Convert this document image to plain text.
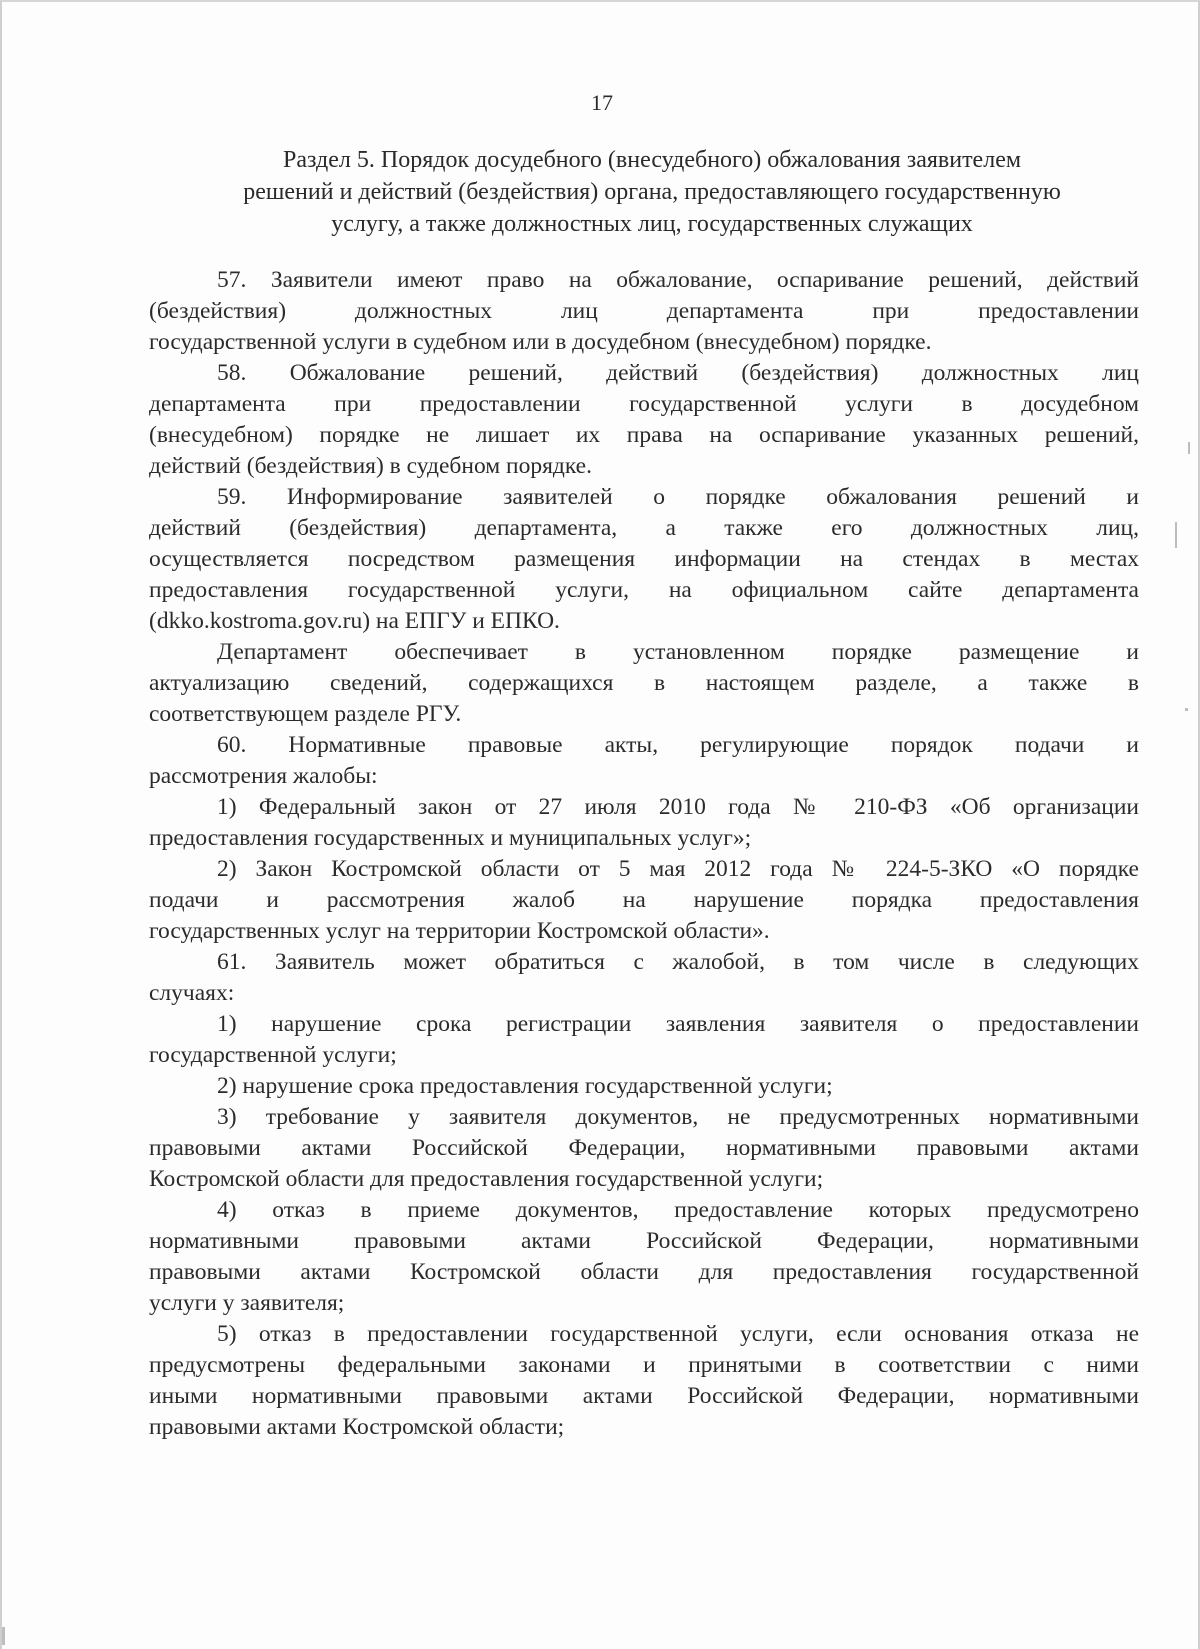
17
Раздел 5. Порядок досудебного (внесудебного) обжалования заявителем
решений и действий (бездействия) органа, предоставляющего государственную
услугу, а также должностных лиц, государственных служащих
57. Заявители имеют право на обжалование, оспаривание решений, действий
(бездействия) должностных лиц департамента при предоставлении
государственной услуги в судебном или в досудебном (внесудебном) порядке.
58. Обжалование решений, действий (бездействия) должностных лиц
департамента при предоставлении государственной услуги в досудебном
(внесудебном) порядке не лишает их права на оспаривание указанных решений,
действий (бездействия) в судебном порядке.
59. Информирование заявителей о порядке обжалования решений и
действий (бездействия) департамента, а также его должностных лиц,
осуществляется посредством размещения информации на стендах в местах
предоставления государственной услуги, на официальном сайте департамента
(dkko.kostroma.gov.ru) на ЕПГУ и ЕПКО.
Департамент обеспечивает в установленном порядке размещение и
актуализацию сведений, содержащихся в настоящем разделе, а также в
соответствующем разделе РГУ.
60. Нормативные правовые акты, регулирующие порядок подачи и
рассмотрения жалобы:
1) Федеральный закон от 27 июля 2010 года № 210-ФЗ «Об организации
предоставления государственных и муниципальных услуг»;
2) Закон Костромской области от 5 мая 2012 года № 224-5-ЗКО «О порядке
подачи и рассмотрения жалоб на нарушение порядка предоставления
государственных услуг на территории Костромской области».
61. Заявитель может обратиться с жалобой, в том числе в следующих
случаях:
1) нарушение срока регистрации заявления заявителя о предоставлении
государственной услуги;
2) нарушение срока предоставления государственной услуги;
3) требование у заявителя документов, не предусмотренных нормативными
правовыми актами Российской Федерации, нормативными правовыми актами
Костромской области для предоставления государственной услуги;
4) отказ в приеме документов, предоставление которых предусмотрено
нормативными правовыми актами Российской Федерации, нормативными
правовыми актами Костромской области для предоставления государственной
услуги у заявителя;
5) отказ в предоставлении государственной услуги, если основания отказа не
предусмотрены федеральными законами и принятыми в соответствии с ними
иными нормативными правовыми актами Российской Федерации, нормативными
правовыми актами Костромской области;
